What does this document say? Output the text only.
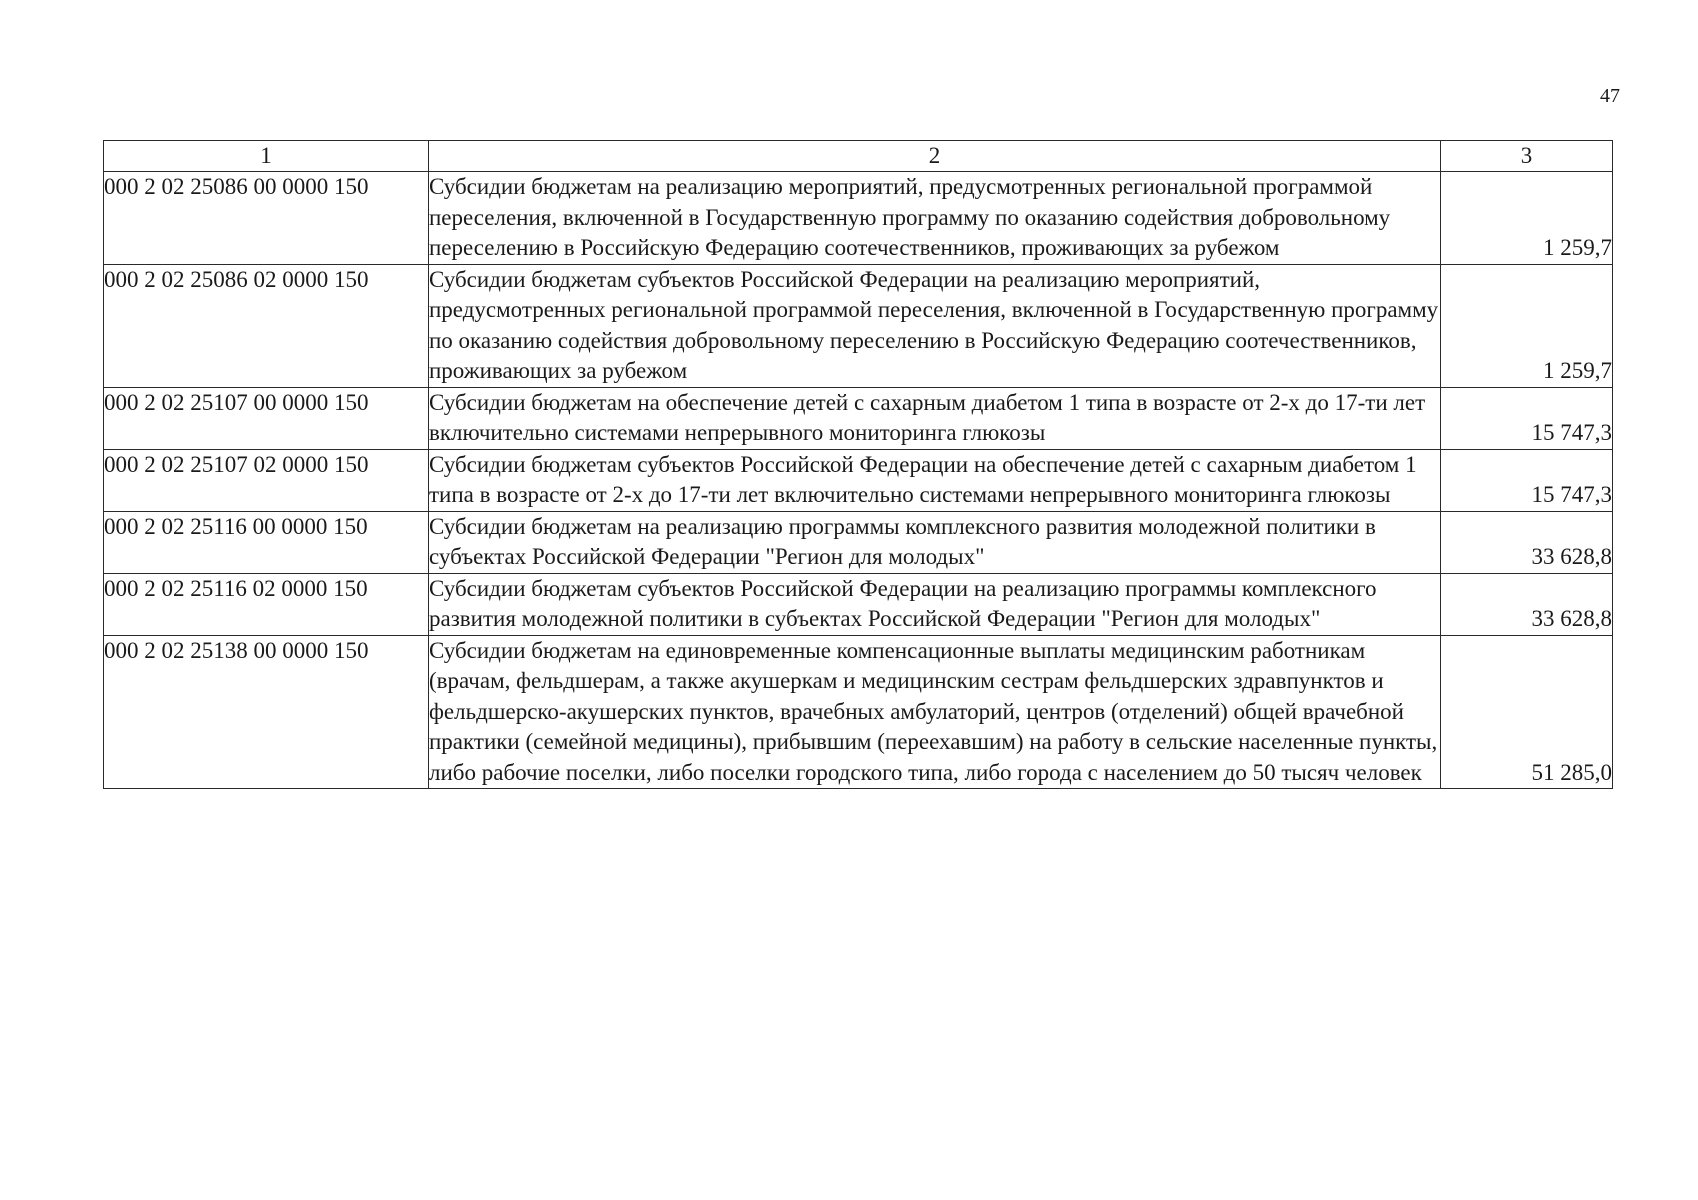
47
1	2	3
000 2 02 25086 00 0000 150	Субсидии бюджетам на реализацию мероприятий, предусмотренных региональной программой переселения, включенной в Государственную программу по оказанию содействия добровольному переселению в Российскую Федерацию соотечественников, проживающих за рубежом	1 259,7
000 2 02 25086 02 0000 150	Субсидии бюджетам субъектов Российской Федерации на реализацию мероприятий, предусмотренных региональной программой переселения, включенной в Государственную программу по оказанию содействия добровольному переселению в Российскую Федерацию соотечественников, проживающих за рубежом	1 259,7
000 2 02 25107 00 0000 150	Субсидии бюджетам на обеспечение детей с сахарным диабетом 1 типа в возрасте от 2-х до 17-ти лет включительно системами непрерывного мониторинга глюкозы	15 747,3
000 2 02 25107 02 0000 150	Субсидии бюджетам субъектов Российской Федерации на обеспечение детей с сахарным диабетом 1 типа в возрасте от 2-х до 17-ти лет включительно системами непрерывного мониторинга глюкозы	15 747,3
000 2 02 25116 00 0000 150	Субсидии бюджетам на реализацию программы комплексного развития молодежной политики в субъектах Российской Федерации "Регион для молодых"	33 628,8
000 2 02 25116 02 0000 150	Субсидии бюджетам субъектов Российской Федерации на реализацию программы комплексного развития молодежной политики в субъектах Российской Федерации "Регион для молодых"	33 628,8
000 2 02 25138 00 0000 150	Субсидии бюджетам на единовременные компенсационные выплаты медицинским работникам (врачам, фельдшерам, а также акушеркам и медицинским сестрам фельдшерских здравпунктов и фельдшерско-акушерских пунктов, врачебных амбулаторий, центров (отделений) общей врачебной практики (семейной медицины), прибывшим (переехавшим) на работу в сельские населенные пункты, либо рабочие поселки, либо поселки городского типа, либо города с населением до 50 тысяч человек	51 285,0
